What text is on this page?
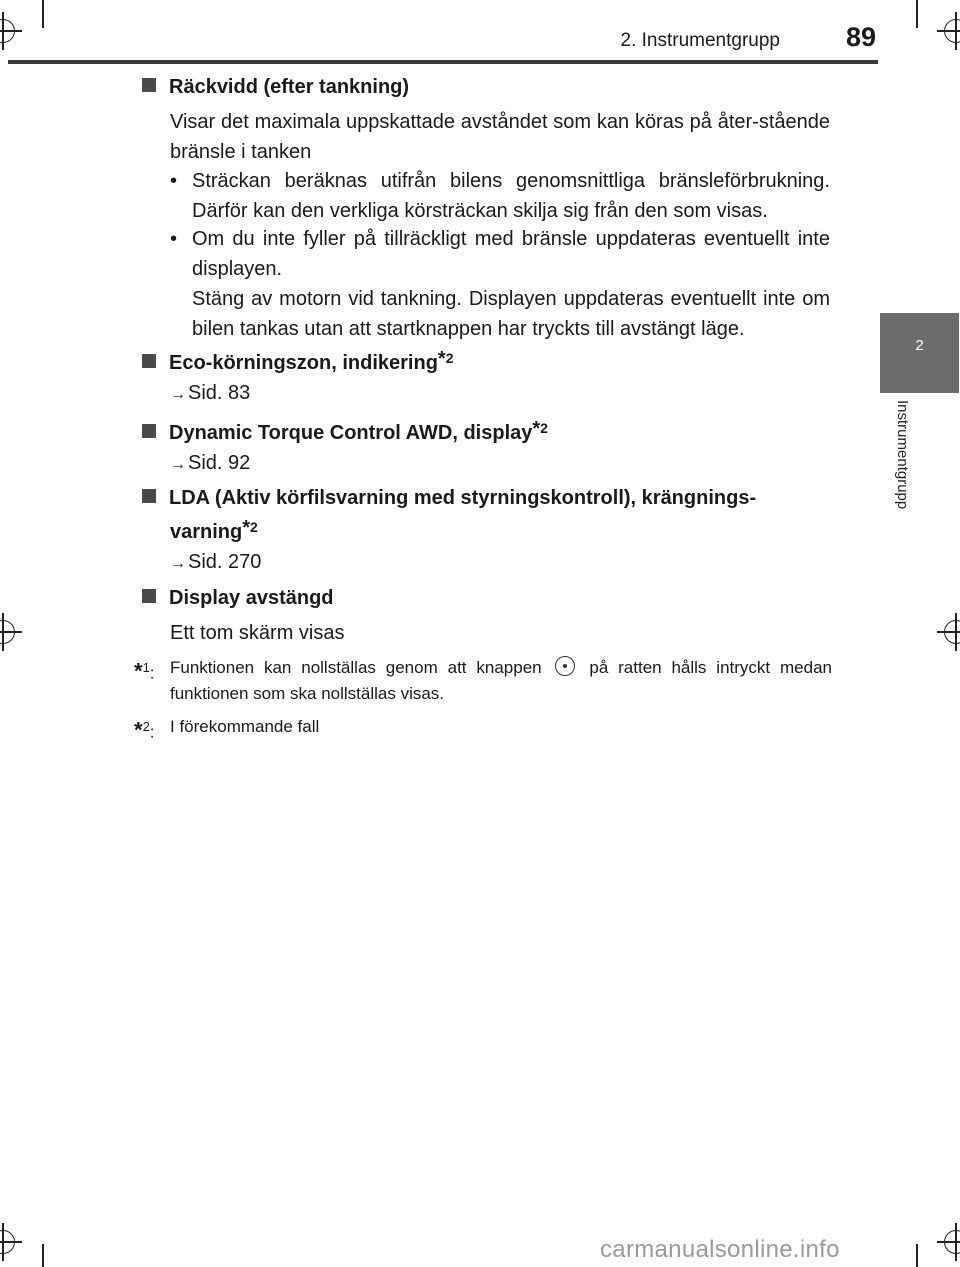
2. Instrumentgrupp	89
2
Instrumentgrupp
Räckvidd (efter tankning)
Visar det maximala uppskattade avståndet som kan köras på åter-stående bränsle i tanken
• Sträckan beräknas utifrån bilens genomsnittliga bränsleförbrukning. Därför kan den verkliga körsträckan skilja sig från den som visas.
• Om du inte fyller på tillräckligt med bränsle uppdateras eventuellt inte displayen.
Stäng av motorn vid tankning. Displayen uppdateras eventuellt inte om bilen tankas utan att startknappen har tryckts till avstängt läge.
Eco-körningszon, indikering$^{*2}$
→ Sid. 83
Dynamic Torque Control AWD, display$^{*2}$
→ Sid. 92
LDA (Aktiv körfilsvarning med styrningskontroll), krängnings-
varning$^{*2}$
→ Sid. 270
Display avstängd
Ett tom skärm visas
*$^1$: Funktionen kan nollställas genom att knappen	på ratten hålls intryckt medan funktionen som ska nollställas visas.
*$^2$: I förekommande fall
carmanualsonline.info
